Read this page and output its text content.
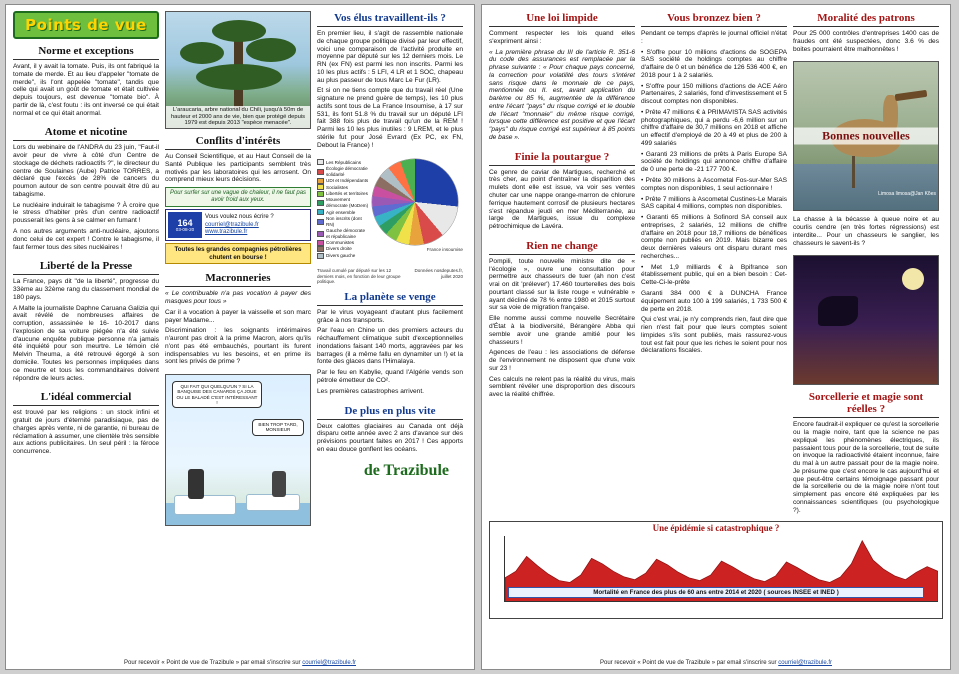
Points de vue
Norme et exceptions

Avant, il y avait la tomate. Puis, ils ont fabriqué la tomate de merde. Et au lieu d'appeler "tomate de merde", ils l'ont appelée "tomate", tandis que celle qui avait un goût de tomate et était cultivée depuis toujours, est devenue "tomate bio". À partir de là, c'est foutu : ils ont inversé ce qui était normal et ce qui était anormal.

Atome et nicotine

Lors du webinaire de l'ANDRA du 23 juin, "Faut-il avoir peur de vivre à côté d'un Centre de stockage de déchets radioactifs ?", le directeur du centre de Soulaines (Aube) Patrice TORRES, a déclaré que l'excès de 28% de cancers du poumon autour de son centre pouvait être dû au tabagisme.

Le nucléaire induirait le tabagisme ? À croire que le stress d'habiter près d'un centre radioactif pousserait les gens à se calmer en fumant !

A nos autres arguments anti-nucléaire, ajoutons donc celui de cet expert ! Contre le tabagisme, il faut fermer tous des sites nucléaires !

Liberté de la Presse

La France, pays dit "de la liberté", progresse du 33ème au 32ème rang du classement mondial de 180 pays.

A Malte la journaliste Daphne Caruana Galizia qui avait révélé de nombreuses affaires de corruption, assassinée le 16- 10-2017 dans l'explosion de sa voiture piégée n'a été suivie d'aucune enquête publique personne n'a jamais été inquiété pour son meurtre. Le témoin clé Melvin Theuma, a été retrouvé égorgé à son domicile. Toutes les personnes impliquées dans ce meurtre et tous les commanditaires doivent répondre de leurs actes.

L'idéal commercial

est trouvé par les religions : un stock infini et gratuit de jours d'éternité paradisiaque, pas de charges après vente, ni de garantie, ni bureau de réclamation à assumer, une clientèle très sensible aux actions publicitaires. Un seul péril : la féroce concurrence.

L'araucaria, arbre national du Chili, jusqu'à 50m de hauteur et 2000 ans de vie, bien que protégé depuis 1979 est depuis 2013 "espèce menacée".
Conflits d'intérêts

Au Conseil Scientifique, et au Haut Conseil de la Santé Publique les participants semblent très motivés par les laboratoires qui les arrosent. On comprend mieux leurs décisions.

Pour surfer sur une vague de chaleur, il ne faut pas avoir froid aux yeux.
164
03-08-20
Vous voulez nous écrire ?
courriel@trazibule.fr
www.trazibule.fr
Toutes les grandes compagnies pétrolières chutent en bourse !
Macronneries

« Le contribuable n'a pas vocation à payer des masques pour tous »

Car il a vocation à payer la vaisselle et son marc payer Madame...

Discrimination : les soignants intérimaires n'auront pas droit à la prime Macron, alors qu'ils n'ont pas été embauchés, pourtant ils furent indispensables vu les besoins, et en prime ils sont les privés de prime ?

QUI FAIT QUI QUELQU'UN ? SI LA BANQUISE DES CANARDS ÇA JOUE OU LE BALADÉ C'EST INTÉRESSANT !
BIEN TROP TARD, MONSIEUR
Vos élus travaillent-ils ?

En premier lieu, il s'agit de rassemble nationale de chaque groupe politique divisé par leur effectif, voici une comparaison de l'activité produite en moyenne par député sur les 12 derniers mois. Le RN (ex FN) est parmi les non inscrits. Parmi les 10 les plus actifs : 5 LFI, 4 LR et 1 SOC, chapeau au plus passeur de tous Marc Le Fur (LR).

Et si on ne tiens compte que du travail réel (Une signature ne prend guère de temps), les 10 plus actifs sont tous de La France Insoumise, à 17 sur 531, ils font 51.8 % du travail sur un député LFI fait 388 fois plus de travail qu'un de la REM ! Parmi les 10 les plus inutiles : 9 LREM, et le plus stérile fut pour José Evrard (Ex PC, ex FN, Debout la France) !

Les Républicains
Écologie démocratie solidarité
UDI et Indépendants
Socialistes
Libertés et territoires
Mouvement démocrate (MoDem)
Agir ensemble
Non inscrits (dont RN)
Gauche démocrate et républicaine
Communistes
Divers droite
Divers gauche
France insoumise
Travail cumulé par député sur les 12 derniers mois, en fonction de leur groupe politique.
Données nosdeputes.fr, juillet 2020
La planète se venge

Par le virus voyageant d'autant plus facilement grâce à nos transports.

Par l'eau en Chine un des premiers acteurs du réchauffement climatique subit d'exceptionnelles inondations faisant 140 morts, aggravées par les barrages (il a même fallu en dynamiter un !) et la fonte des glaces dans l'Himalaya.

Par le feu en Kabylie, quand l'Algérie vends son pétrole émetteur de CO².

Les premières catastrophes arrivent.

De plus en plus vite

Deux calottes glaciaires au Canada ont déjà disparu cette année avec 2 ans d'avance sur des prévisions pourtant faites en 2017 ! Ces apports en eau douce gonflent les océans.

de Trazibule
Pour recevoir « Point de vue de Trazibule » par email s'inscrire sur courriel@trazibule.fr
Une loi limpide

Comment respecter les lois quand elles s'expriment ainsi :

« La première phrase du III de l'article R. 351-6 du code des assurances est remplacée par la phrase suivante : « Pour chaque pays concerné, la correction pour volatilité des tours s'intéret sans risque dans le monnaie de ce pays, mentionnée ou II. est, avant application du barème ou 85 %, augmentée de la différence entre l'écart "pays" du risque corrigé et le double de l'écart "monnaie" du même risque corrigé, lorsque cette différence est positive et que l'écart "pays" du risque corrigé est supérieur à 85 points de base ».

Finie la poutargue ?

Ce genre de caviar de Martigues, recherché et très cher, au point d'entraîner la disparition des mulets dont elle est issue, va voir ses ventes chuter car une nappe orange-marron de chlorure ferrique hautement corrosif de plusieurs hectares s'est répandue jeudi en mer Méditerranée, au large de Martigues, issue du complexe pétrochimique de Lavéra.

Rien ne change

Pompili, toute nouvelle ministre dite de « l'écologie », ouvre une consultation pour permettre aux chasseurs de tuer (ah non c'est vrai on dit 'prélever') 17.460 tourterelles des bois pourtant classé sur la liste rouge « vulnérable » ayant décliné de 78 % entre 1980 et 2015 surtout sur sa voie de migration française.

Elle nomme aussi comme nouvelle Secrétaire d'État à la biodiversité, Bérangère Abba qui semble avoir une grande amitié pour les chasseurs !

Agences de l'eau : les associations de défense de l'environnement ne disposent que d'une voix sur 23 !

Ces calculs ne relent pas la réalité du virus, mais semblent révéler une disproportion des discours avec la réalité chiffrée.

Vous bronzez bien ?

Pendant ce temps d'après le journal officiel n'état :

• S'offre pour 10 millions d'actions de SOGEPA SAS société de holdings comptes au chiffre d'affaire de 0 et un bénéfice de 126 536 400 €, en 2018 pour 1 à 2 salariés.

• S'offre pour 150 millions d'actions de ACE Aéro Partenaires, 2 salariés, fond d'investissement et 5 discout comptes non disponibles.

• Prête 47 millions € à PRIMAVISTA SAS activités photographiques, qui a perdu -6,6 million sur un chiffre d'affaire de 30,7 millions en 2018 et affiche un effectif d'employé de 20 à 49 et plus de 200 à 499 salariés

• Garanti 23 millions de prêts à Paris Europe SA société de holdings qui annonce chiffre d'affaire de 0 une perte de -21 177 700 €.

• Prête 30 millions à Ascometal Fos-sur-Mer SAS comptes non disponibles, 1 seul actionnaire !

• Prête 7 millions à Ascometal Custines-Le Marais SAS capital 4 millions, comptes non disponibles.

• Garanti 65 millions à Sofinord SA conseil aux entreprises, 2 salariés, 12 millions de chiffre d'affaire en 2018 pour 18,7 millions de bénéfices compte non publiés en 2019. Mais bizarre ces deux dernières valeurs ont disparu durant mes recherches...

• Met 1,9 milliards € à Bpifrance son établissement public, qui en a bien besoin : Cet-Cette-Ci-le-prête

Garanti 384 000 € à DUNCHA France équipement auto 100 à 199 salariés, 1 733 500 € de perte en 2018.

Qui c'est vrai, je n'y comprends rien, faut dire que rien n'est fait pour que leurs comptes soient limpides s'ils sont publiés, mais rassurez-vous tout est fait pour que les riches le soient pour nos déclarations fiscales.

Moralité des patrons

Pour 25 000 contrôles d'entreprises 1400 cas de fraudes ont été suspectées, donc 3.6 % des boites pourraient être malhonnêtes !

Bonnes nouvelles
Limosa limosa@Jan Kȍes

La chasse à la bécasse à queue noire et au courlis cendre (en très fortes régressions) est interdite... Pour un chasseurs le sanglier, les chasseurs le savent-ils ?

Sorcellerie et magie sont réelles ?

Encore faudrait-il expliquer ce qu'est la sorcellerie ou la magie noire, tant que la science ne pas expliqué les phénomènes électriques, ils passaient tous pour de la sorcellerie, tout de suite on invoque la radioactivité étaient inconnue, faire du mal à un autre passait pour de la magie noire. Je présume que c'est encore le cas aujourd'hui et que peut-être certains témoignage passant pour de la sorcellerie ou de la magie noire n'ont tout simplement pas encore été expliquées par les connaissances scientifiques (ou psychologique ?).

Une épidémie si catastrophique ?
Mortalité en France des plus de 60 ans entre 2014 et 2020 ( sources INSEE et INED )
Pour recevoir « Point de vue de Trazibule » par email s'inscrire sur courriel@trazibule.fr
